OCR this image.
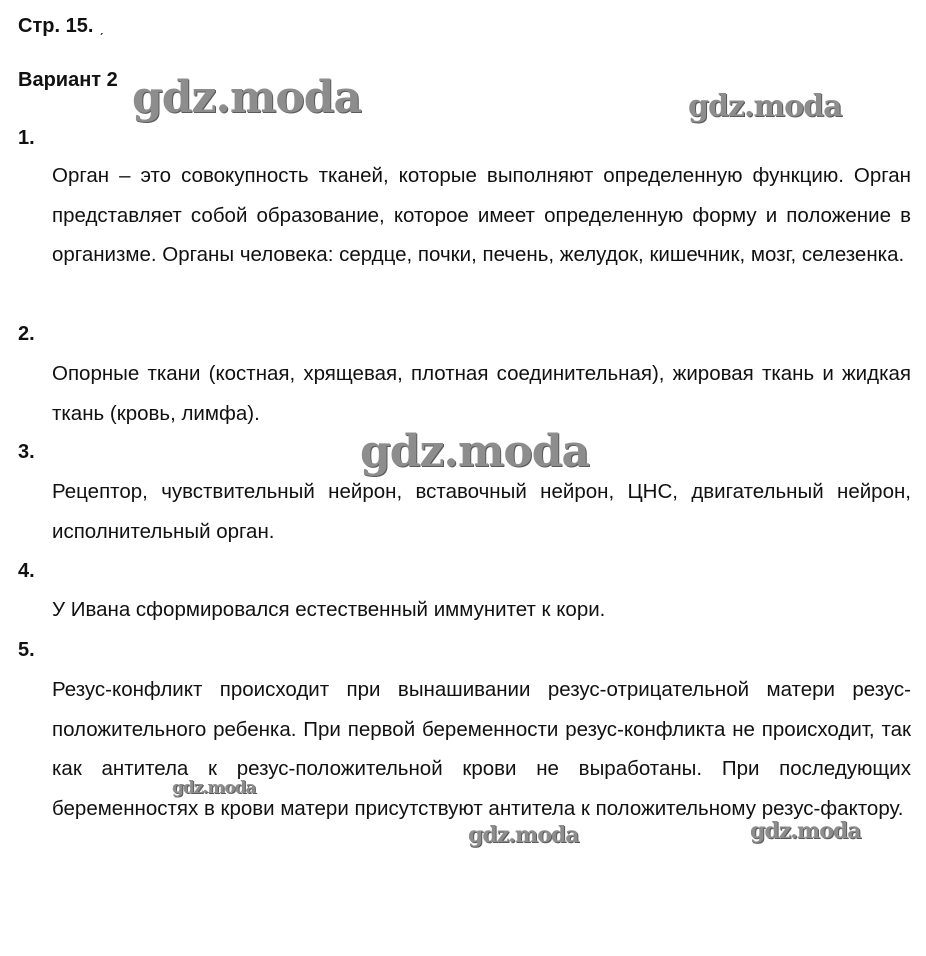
Стр. 15. ˏ
Вариант 2
1.

Орган – это совокупность тканей, которые выполняют определенную функцию. Орган представляет собой образование, которое имеет определенную форму и положение в организме. Органы человека: сердце, почки, печень, желудок, кишечник, мозг, селезенка.

2.

Опорные ткани (костная, хрящевая, плотная соединительная), жировая ткань и жидкая ткань (кровь, лимфа).

3.

Рецептор, чувствительный нейрон, вставочный нейрон, ЦНС, двигательный нейрон, исполнительный орган.

4.

У Ивана сформировался естественный иммунитет к кори.

5.

Резус-конфликт происходит при вынашивании резус-отрицательной матери резус-положительного ребенка. При первой беременности резус-конфликта не происходит, так как антитела к резус-положительной крови не выработаны. При последующих беременностях в крови матери присутствуют антитела к положительному резус-фактору.

gdz.moda	gdz.moda
gdz.moda
gdz.moda
gdz.moda	gdz.moda
